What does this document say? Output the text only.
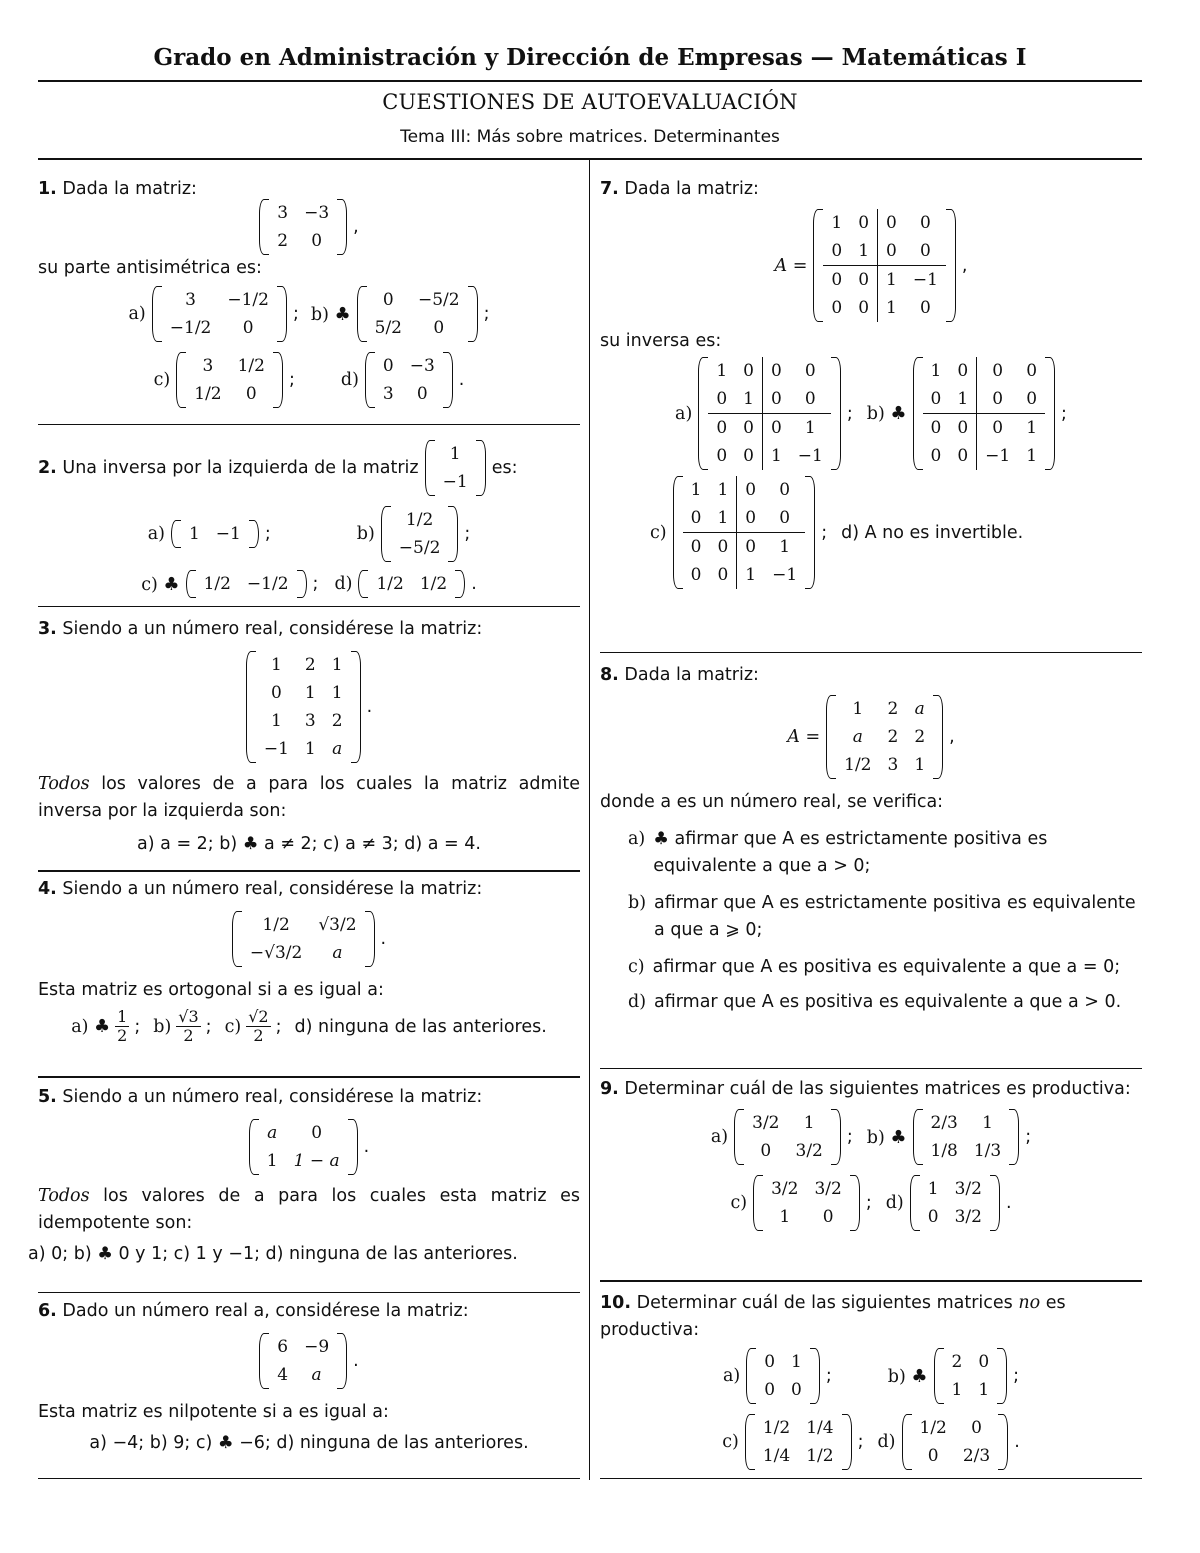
Grado en Administración y Dirección de Empresas — Matemáticas I
CUESTIONES DE AUTOEVALUACIÓN
Tema III: Más sobre matrices. Determinantes

1. Dada la matriz:

3	−3
2	0
,

su parte antisimétrica es:

a)
3	−1/2
−1/2	0
; b) ♣
0	−5/2
5/2	0
;
c)
3	1/2
1/2	0
;	d)
0	−3
3	0
.
2. Una inversa por la izquierda de la matriz
1
−1
es:
a) 1	−1 ;	b)
1/2
−5/2
;
c) ♣ 1/2	−1/2 ; d) 1/2	1/2 .

3. Siendo a un número real, considérese la matriz:

1	2	1
0	1	1
1	3	2
−1	1	a
.

Todos los valores de a para los cuales la matriz admite inversa por la izquierda son:

a) a = 2; b) ♣ a ≠ 2; c) a ≠ 3; d) a = 4.

4. Siendo a un número real, considérese la matriz:

1/2	√3/2
−√3/2	a
.

Esta matriz es ortogonal si a es igual a:

a) ♣ $\frac{1}{2}$ ; $b) \frac{√3}{2}$ ; $c) \frac{√2}{2}$ ; d) ninguna de las anteriores.

5. Siendo a un número real, considérese la matriz:

a	0
1	1 − a
.

Todos los valores de a para los cuales esta matriz es idempotente son:

a) 0; b) ♣ 0 y 1; c) 1 y −1; d) ninguna de las anteriores.

6. Dado un número real a, considérese la matriz:

6	−9
4	a
.

Esta matriz es nilpotente si a es igual a:

a) −4; b) 9; c) ♣ −6; d) ninguna de las anteriores.

7. Dada la matriz:

A =
1	0	0	0
0	1	0	0
0	0	1	−1
0	0	1	0
,

su inversa es:

a)
1	0	0	0
0	1	0	0
0	0	0	1
0	0	1	−1
; b) ♣
1	0	0	0
0	1	0	0
0	0	0	1
0	0	−1	1
;
c)
1	1	0	0
0	1	0	0
0	0	0	1
0	0	1	−1
; d) A no es invertible.

8. Dada la matriz:

A =
1	2	a
a	2	2
1/2	3	1
,

donde a es un número real, se verifica:

a) ♣ afirmar que A es estrictamente positiva es equivalente a que a > 0;
b) afirmar que A es estrictamente positiva es equivalente a que a ⩾ 0;
c) afirmar que A es positiva es equivalente a que a = 0;
d) afirmar que A es positiva es equivalente a que a > 0.

9. Determinar cuál de las siguientes matrices es productiva:

a)
3/2	1
0	3/2
; b) ♣
2/3	1
1/8	1/3
;
c)
3/2	3/2
1	0
; d)
1	3/2
0	3/2
.

10. Determinar cuál de las siguientes matrices no es productiva:

a)
0	1
0	0
;	b) ♣
2	0
1	1
;
c)
1/2	1/4
1/4	1/2
; d)
1/2	0
0	2/3
.
